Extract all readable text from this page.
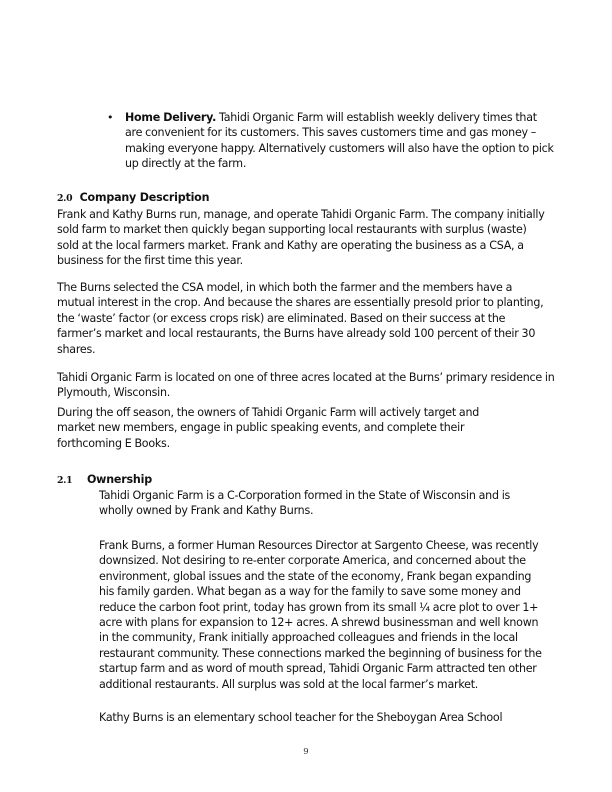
• Home Delivery. Tahidi Organic Farm will establish weekly delivery times that are convenient for its customers. This saves customers time and gas money – making everyone happy. Alternatively customers will also have the option to pick up directly at the farm.
2.0 Company Description
Frank and Kathy Burns run, manage, and operate Tahidi Organic Farm. The company initially sold farm to market then quickly began supporting local restaurants with surplus (waste) sold at the local farmers market. Frank and Kathy are operating the business as a CSA, a business for the first time this year.
The Burns selected the CSA model, in which both the farmer and the members have a mutual interest in the crop. And because the shares are essentially presold prior to planting, the ‘waste’ factor (or excess crops risk) are eliminated. Based on their success at the farmer’s market and local restaurants, the Burns have already sold 100 percent of their 30 shares.
Tahidi Organic Farm is located on one of three acres located at the Burns’ primary residence in Plymouth, Wisconsin.
During the off season, the owners of Tahidi Organic Farm will actively target and market new members, engage in public speaking events, and complete their forthcoming E Books.
2.1 Ownership
Tahidi Organic Farm is a C-Corporation formed in the State of Wisconsin and is wholly owned by Frank and Kathy Burns.
Frank Burns, a former Human Resources Director at Sargento Cheese, was recently downsized. Not desiring to re-enter corporate America, and concerned about the environment, global issues and the state of the economy, Frank began expanding his family garden. What began as a way for the family to save some money and reduce the carbon foot print, today has grown from its small ¼ acre plot to over 1+ acre with plans for expansion to 12+ acres. A shrewd businessman and well known in the community, Frank initially approached colleagues and friends in the local restaurant community. These connections marked the beginning of business for the startup farm and as word of mouth spread, Tahidi Organic Farm attracted ten other additional restaurants. All surplus was sold at the local farmer’s market.
Kathy Burns is an elementary school teacher for the Sheboygan Area School
9
